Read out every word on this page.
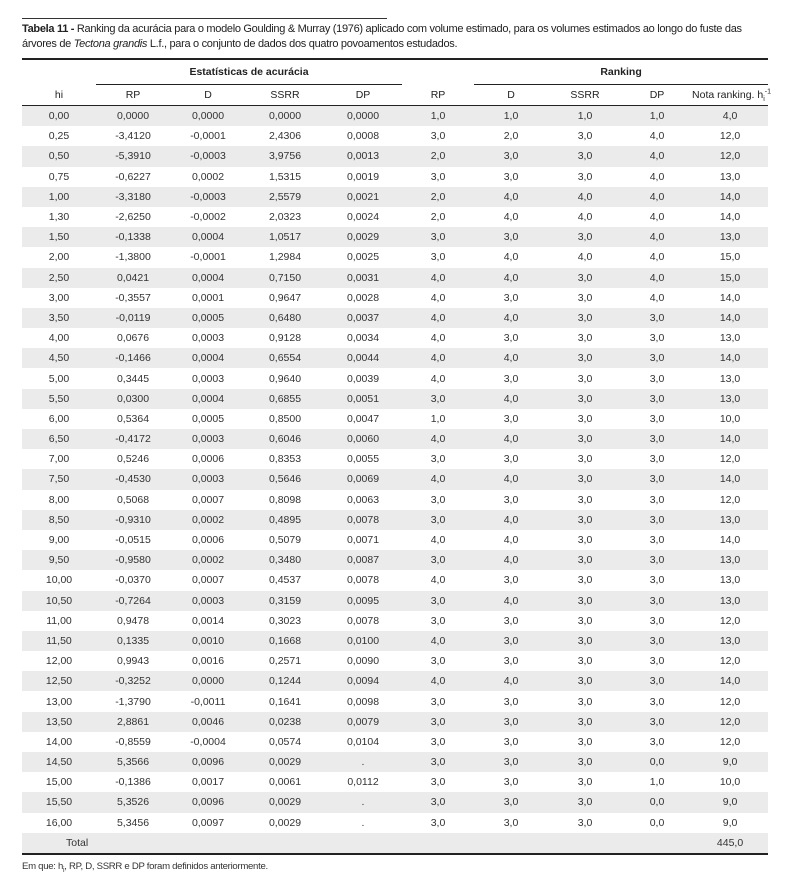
Tabela 11 - Ranking da acurácia para o modelo Goulding & Murray (1976) aplicado com volume estimado, para os volumes estimados ao longo do fuste das árvores de Tectona grandis L.f., para o conjunto de dados dos quatro povoamentos estudados.
	Estatísticas de acurácia					Ranking			
hi	RP	D	SSRR	DP	RP	D	SSRR	DP	Nota ranking. $h_i^{-1}$
0,00	0,0000	0,0000	0,0000	0,0000	1,0	1,0	1,0	1,0	4,0
0,25	-3,4120	-0,0001	2,4306	0,0008	3,0	2,0	3,0	4,0	12,0
0,50	-5,3910	-0,0003	3,9756	0,0013	2,0	3,0	3,0	4,0	12,0
0,75	-0,6227	0,0002	1,5315	0,0019	3,0	3,0	3,0	4,0	13,0
1,00	-3,3180	-0,0003	2,5579	0,0021	2,0	4,0	4,0	4,0	14,0
1,30	-2,6250	-0,0002	2,0323	0,0024	2,0	4,0	4,0	4,0	14,0
1,50	-0,1338	0,0004	1,0517	0,0029	3,0	3,0	3,0	4,0	13,0
2,00	-1,3800	-0,0001	1,2984	0,0025	3,0	4,0	4,0	4,0	15,0
2,50	0,0421	0,0004	0,7150	0,0031	4,0	4,0	3,0	4,0	15,0
3,00	-0,3557	0,0001	0,9647	0,0028	4,0	3,0	3,0	4,0	14,0
3,50	-0,0119	0,0005	0,6480	0,0037	4,0	4,0	3,0	3,0	14,0
4,00	0,0676	0,0003	0,9128	0,0034	4,0	3,0	3,0	3,0	13,0
4,50	-0,1466	0,0004	0,6554	0,0044	4,0	4,0	3,0	3,0	14,0
5,00	0,3445	0,0003	0,9640	0,0039	4,0	3,0	3,0	3,0	13,0
5,50	0,0300	0,0004	0,6855	0,0051	3,0	4,0	3,0	3,0	13,0
6,00	0,5364	0,0005	0,8500	0,0047	1,0	3,0	3,0	3,0	10,0
6,50	-0,4172	0,0003	0,6046	0,0060	4,0	4,0	3,0	3,0	14,0
7,00	0,5246	0,0006	0,8353	0,0055	3,0	3,0	3,0	3,0	12,0
7,50	-0,4530	0,0003	0,5646	0,0069	4,0	4,0	3,0	3,0	14,0
8,00	0,5068	0,0007	0,8098	0,0063	3,0	3,0	3,0	3,0	12,0
8,50	-0,9310	0,0002	0,4895	0,0078	3,0	4,0	3,0	3,0	13,0
9,00	-0,0515	0,0006	0,5079	0,0071	4,0	4,0	3,0	3,0	14,0
9,50	-0,9580	0,0002	0,3480	0,0087	3,0	4,0	3,0	3,0	13,0
10,00	-0,0370	0,0007	0,4537	0,0078	4,0	3,0	3,0	3,0	13,0
10,50	-0,7264	0,0003	0,3159	0,0095	3,0	4,0	3,0	3,0	13,0
11,00	0,9478	0,0014	0,3023	0,0078	3,0	3,0	3,0	3,0	12,0
11,50	0,1335	0,0010	0,1668	0,0100	4,0	3,0	3,0	3,0	13,0
12,00	0,9943	0,0016	0,2571	0,0090	3,0	3,0	3,0	3,0	12,0
12,50	-0,3252	0,0000	0,1244	0,0094	4,0	4,0	3,0	3,0	14,0
13,00	-1,3790	-0,0011	0,1641	0,0098	3,0	3,0	3,0	3,0	12,0
13,50	2,8861	0,0046	0,0238	0,0079	3,0	3,0	3,0	3,0	12,0
14,00	-0,8559	-0,0004	0,0574	0,0104	3,0	3,0	3,0	3,0	12,0
14,50	5,3566	0,0096	0,0029	.	3,0	3,0	3,0	0,0	9,0
15,00	-0,1386	0,0017	0,0061	0,0112	3,0	3,0	3,0	1,0	10,0
15,50	5,3526	0,0096	0,0029	.	3,0	3,0	3,0	0,0	9,0
16,00	5,3456	0,0097	0,0029	.	3,0	3,0	3,0	0,0	9,0
Total									445,0
Em que: $h_i$, RP, D, SSRR e DP foram definidos anteriormente.
